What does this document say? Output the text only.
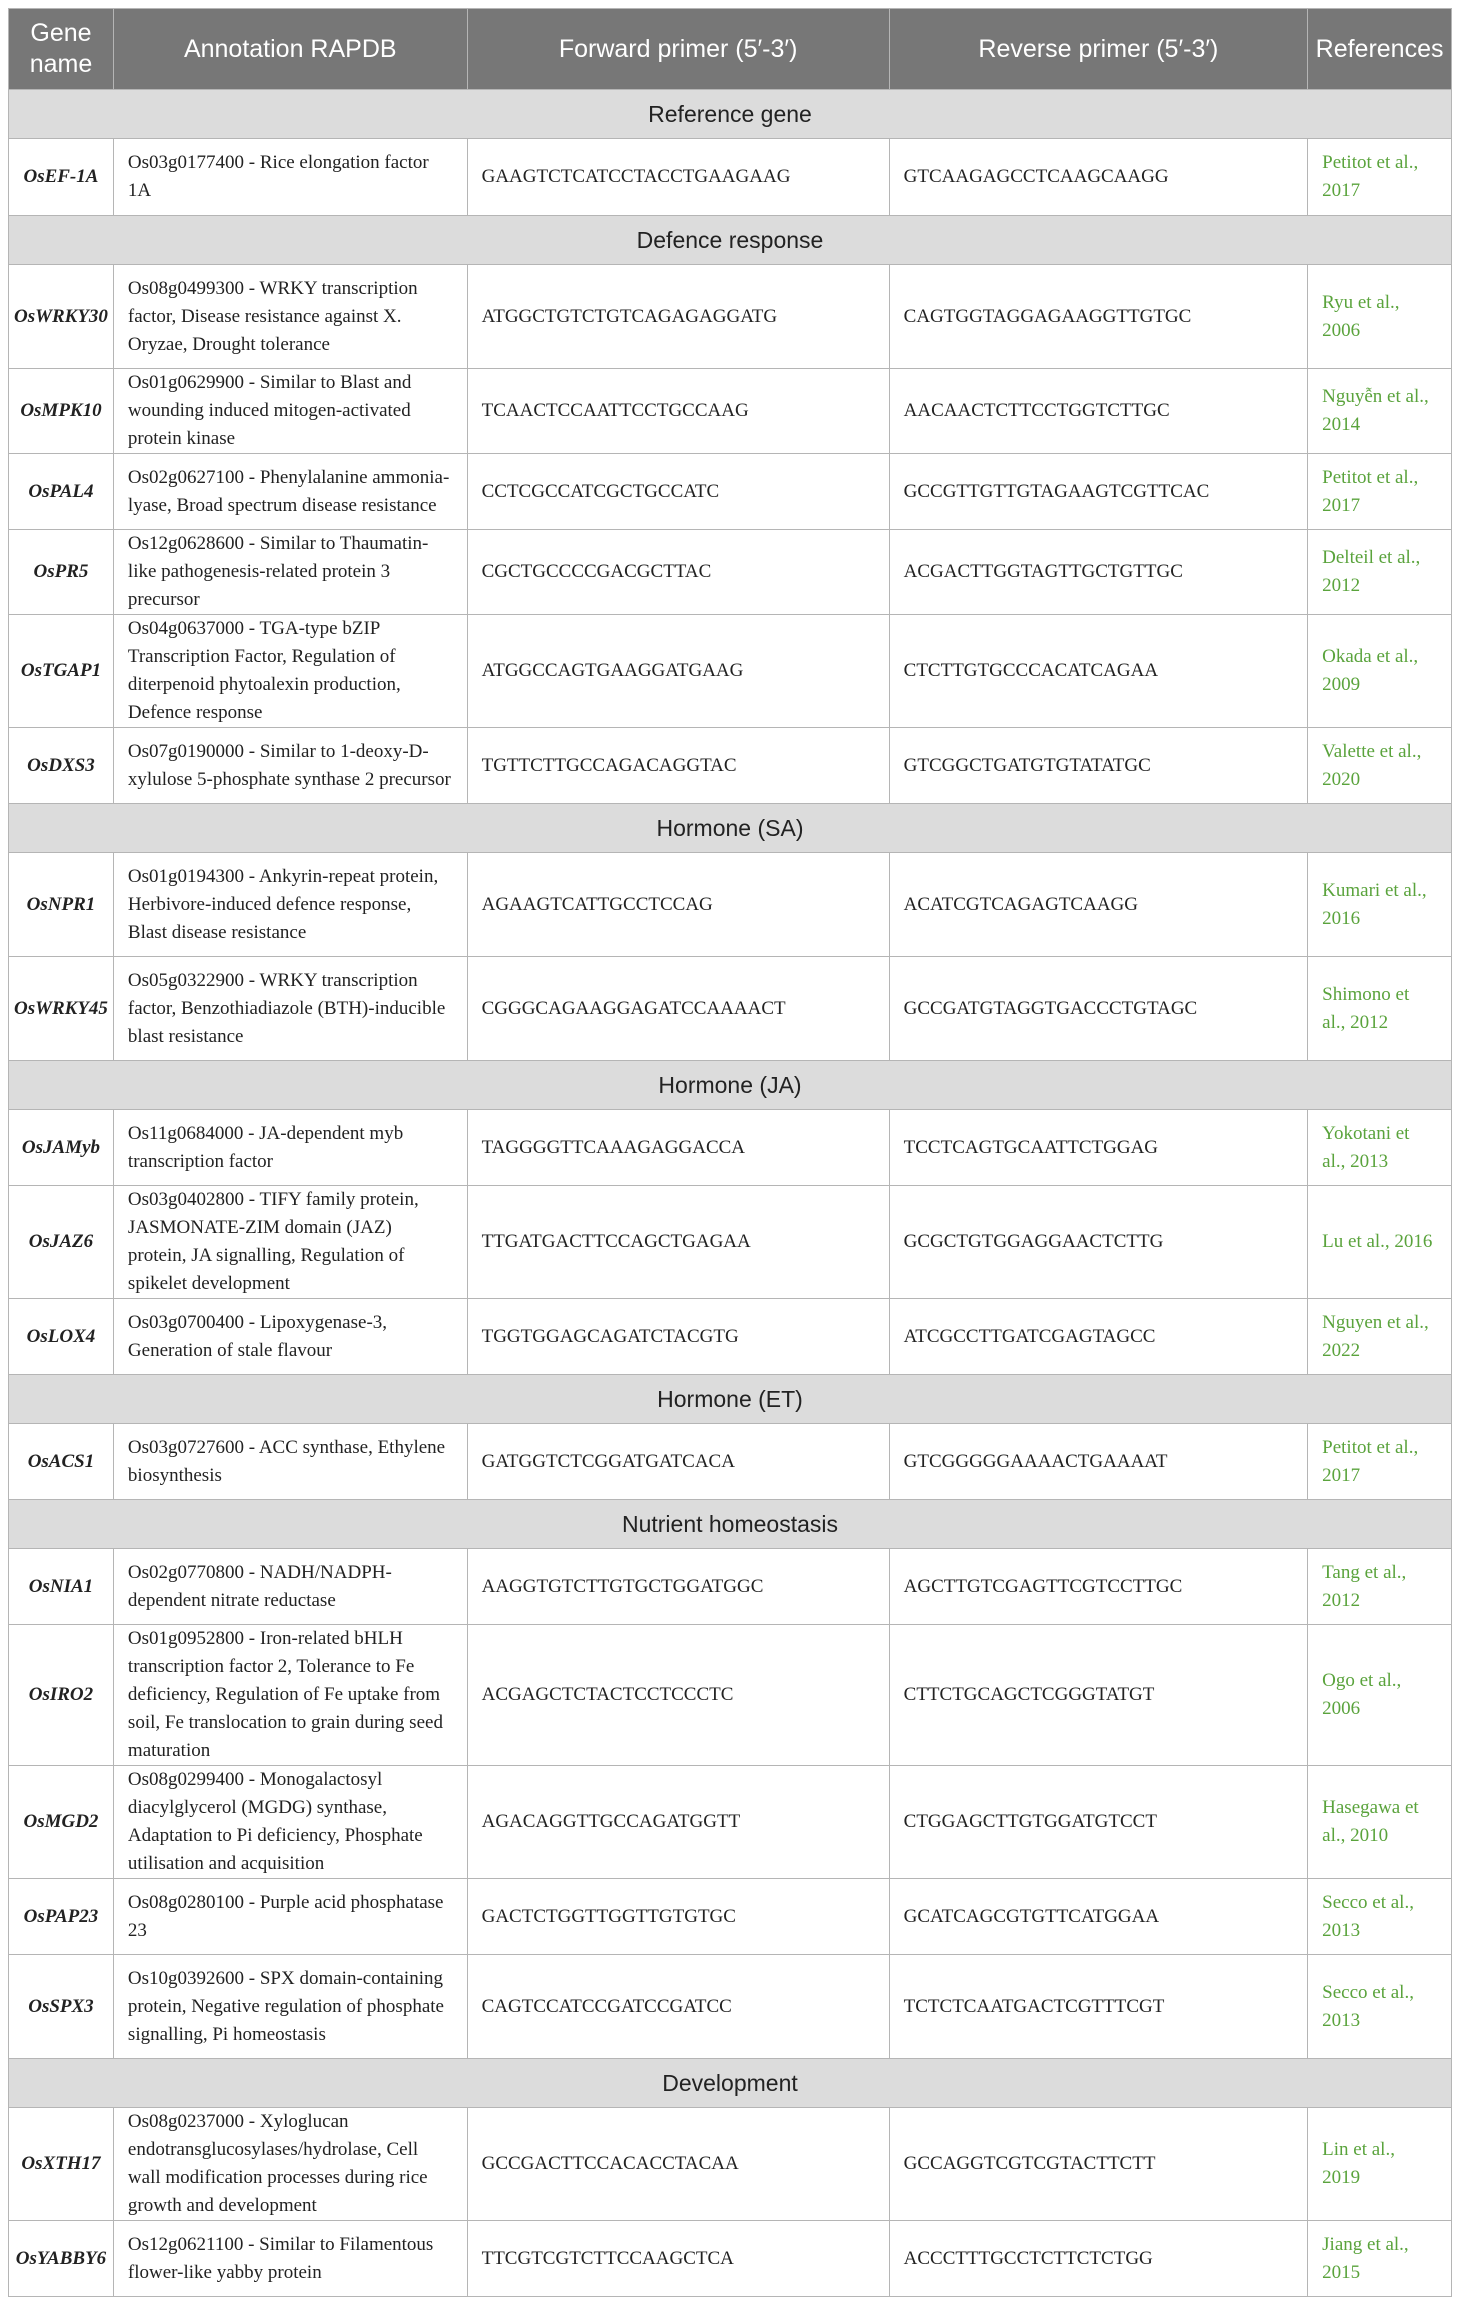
Gene name	Annotation RAPDB	Forward primer (5′-3′)	Reverse primer (5′-3′)	References
Reference gene				
OsEF-1A	Os03g0177400 - Rice elongation factor 1A	GAAGTCTCATCCTACCTGAAGAAG	GTCAAGAGCCTCAAGCAAGG	Petitot et al., 2017
Defence response				
OsWRKY30	Os08g0499300 - WRKY transcription factor, Disease resistance against X. Oryzae, Drought tolerance	ATGGCTGTCTGTCAGAGAGGATG	CAGTGGTAGGAGAAGGTTGTGC	Ryu et al., 2006
OsMPK10	Os01g0629900 - Similar to Blast and wounding induced mitogen-activated protein kinase	TCAACTCCAATTCCTGCCAAG	AACAACTCTTCCTGGTCTTGC	Nguyễn et al., 2014
OsPAL4	Os02g0627100 - Phenylalanine ammonia-lyase, Broad spectrum disease resistance	CCTCGCCATCGCTGCCATC	GCCGTTGTTGTAGAAGTCGTTCAC	Petitot et al., 2017
OsPR5	Os12g0628600 - Similar to Thaumatin-like pathogenesis-related protein 3 precursor	CGCTGCCCCGACGCTTAC	ACGACTTGGTAGTTGCTGTTGC	Delteil et al., 2012
OsTGAP1	Os04g0637000 - TGA-type bZIP Transcription Factor, Regulation of diterpenoid phytoalexin production, Defence response	ATGGCCAGTGAAGGATGAAG	CTCTTGTGCCCACATCAGAA	Okada et al., 2009
OsDXS3	Os07g0190000 - Similar to 1-deoxy-D-xylulose 5-phosphate synthase 2 precursor	TGTTCTTGCCAGACAGGTAC	GTCGGCTGATGTGTATATGC	Valette et al., 2020
Hormone (SA)				
OsNPR1	Os01g0194300 - Ankyrin-repeat protein, Herbivore-induced defence response, Blast disease resistance	AGAAGTCATTGCCTCCAG	ACATCGTCAGAGTCAAGG	Kumari et al., 2016
OsWRKY45	Os05g0322900 - WRKY transcription factor, Benzothiadiazole (BTH)-inducible blast resistance	CGGGCAGAAGGAGATCCAAAACT	GCCGATGTAGGTGACCCTGTAGC	Shimono et al., 2012
Hormone (JA)				
OsJAMyb	Os11g0684000 - JA-dependent myb transcription factor	TAGGGGTTCAAAGAGGACCA	TCCTCAGTGCAATTCTGGAG	Yokotani et al., 2013
OsJAZ6	Os03g0402800 - TIFY family protein, JASMONATE-ZIM domain (JAZ) protein, JA signalling, Regulation of spikelet development	TTGATGACTTCCAGCTGAGAA	GCGCTGTGGAGGAACTCTTG	Lu et al., 2016
OsLOX4	Os03g0700400 - Lipoxygenase-3, Generation of stale flavour	TGGTGGAGCAGATCTACGTG	ATCGCCTTGATCGAGTAGCC	Nguyen et al., 2022
Hormone (ET)				
OsACS1	Os03g0727600 - ACC synthase, Ethylene biosynthesis	GATGGTCTCGGATGATCACA	GTCGGGGGAAAACTGAAAAT	Petitot et al., 2017
Nutrient homeostasis				
OsNIA1	Os02g0770800 - NADH/NADPH-dependent nitrate reductase	AAGGTGTCTTGTGCTGGATGGC	AGCTTGTCGAGTTCGTCCTTGC	Tang et al., 2012
OsIRO2	Os01g0952800 - Iron-related bHLH transcription factor 2, Tolerance to Fe deficiency, Regulation of Fe uptake from soil, Fe translocation to grain during seed maturation	ACGAGCTCTACTCCTCCCTC	CTTCTGCAGCTCGGGTATGT	Ogo et al., 2006
OsMGD2	Os08g0299400 - Monogalactosyl diacylglycerol (MGDG) synthase, Adaptation to Pi deficiency, Phosphate utilisation and acquisition	AGACAGGTTGCCAGATGGTT	CTGGAGCTTGTGGATGTCCT	Hasegawa et al., 2010
OsPAP23	Os08g0280100 - Purple acid phosphatase 23	GACTCTGGTTGGTTGTGTGC	GCATCAGCGTGTTCATGGAA	Secco et al., 2013
OsSPX3	Os10g0392600 - SPX domain-containing protein, Negative regulation of phosphate signalling, Pi homeostasis	CAGTCCATCCGATCCGATCC	TCTCTCAATGACTCGTTTCGT	Secco et al., 2013
Development				
OsXTH17	Os08g0237000 - Xyloglucan endotransglucosylases/hydrolase, Cell wall modification processes during rice growth and development	GCCGACTTCCACACCTACAA	GCCAGGTCGTCGTACTTCTT	Lin et al., 2019
OsYABBY6	Os12g0621100 - Similar to Filamentous flower-like yabby protein	TTCGTCGTCTTCCAAGCTCA	ACCCTTTGCCTCTTCTCTGG	Jiang et al., 2015
